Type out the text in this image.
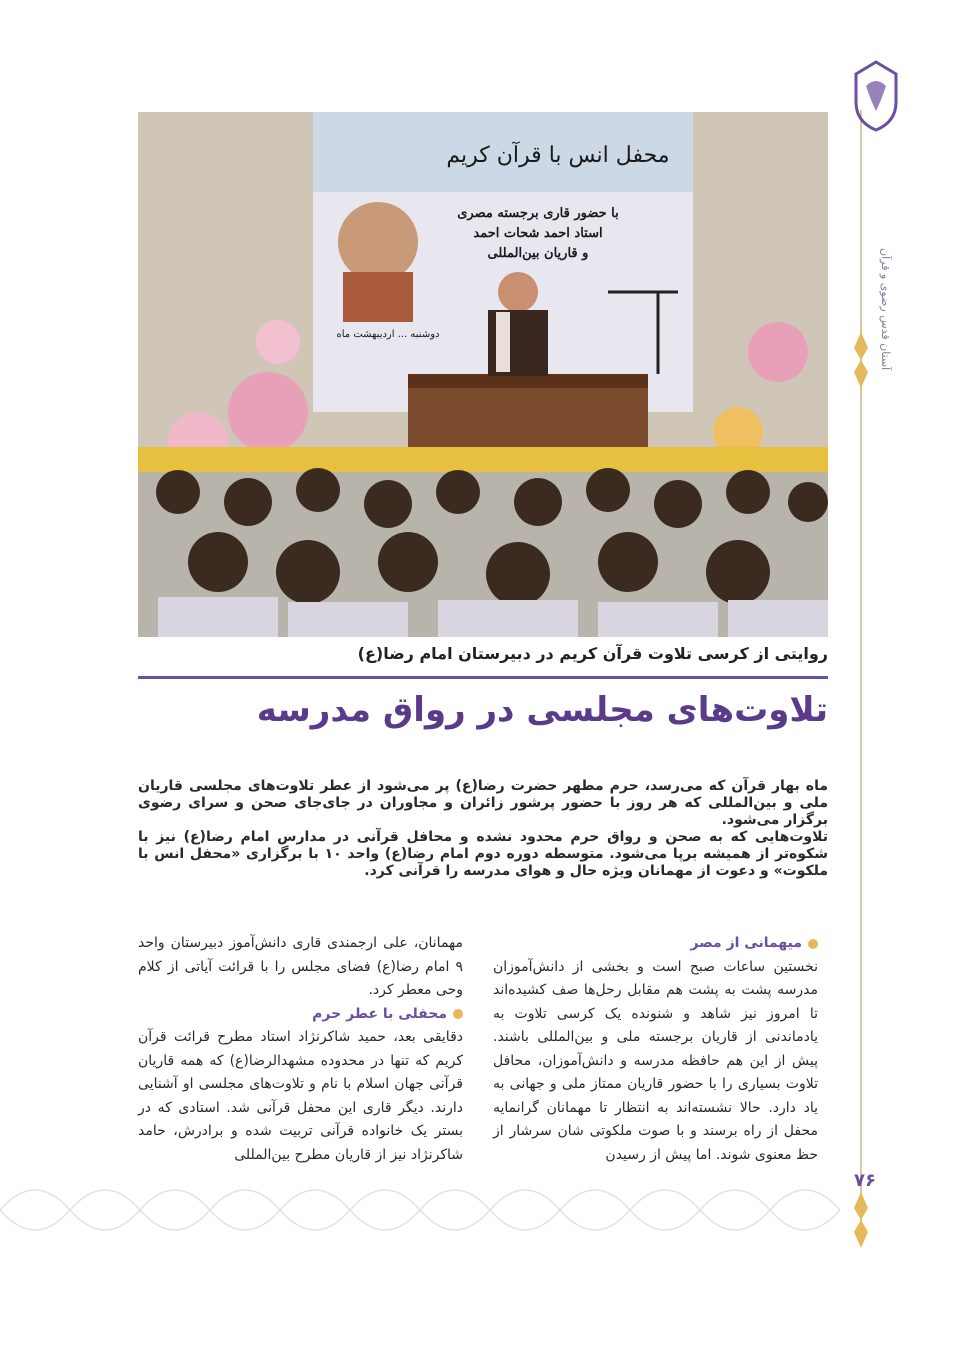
آستان قدس رضوی و قرآن
۷۶
محفل انس با قرآن کریم
با حضور قاری برجسته مصری
استاد احمد شحات احمد
و قاریان بین‌المللی
دوشنبه ... اردیبهشت ماه
روایتی از کرسی تلاوت قرآن کریم در دبیرستان امام رضا(ع)
تلاوت‌های مجلسی در رواق مدرسه

ماه بهار قرآن که می‌رسد، حرم مطهر حضرت رضا(ع) پر می‌شود از عطر تلاوت‌های مجلسی قاریان ملی و بین‌المللی که هر روز با حضور پرشور زائران و مجاوران در جای‌جای صحن و سرای رضوی برگزار می‌شود.

تلاوت‌هایی که به صحن و رواق حرم محدود نشده و محافل قرآنی در مدارس امام رضا(ع) نیز با شکوه‌تر از همیشه برپا می‌شود. متوسطه دوره دوم امام رضا(ع) واحد ۱۰ با برگزاری «محفل انس با ملکوت» و دعوت از مهمانان ویژه حال و هوای مدرسه را قرآنی کرد.

میهمانی از مصر

نخستین ساعات صبح است و بخشی از دانش‌آموزان مدرسه پشت به پشت هم مقابل رحل‌ها صف کشیده‌اند تا امروز نیز شاهد و شنونده یک کرسی تلاوت به یادماندنی از قاریان برجسته ملی و بین‌المللی باشند. پیش از این هم حافظه مدرسه و دانش‌آموزان، محافل تلاوت بسیاری را با حضور قاریان ممتاز ملی و جهانی به یاد دارد. حالا نشسته‌اند به انتظار تا مهمانان گرانمایه محفل از راه برسند و با صوت ملکوتی شان سرشار از حظ معنوی شوند. اما پیش از رسیدن

مهمانان، علی ارجمندی قاری دانش‌آموز دبیرستان واحد ۹ امام رضا(ع) فضای مجلس را با قرائت آیاتی از کلام وحی معطر کرد.

محفلی با عطر حرم

دقایقی بعد، حمید شاکرنژاد استاد مطرح قرائت قرآن کریم که تنها در محدوده مشهدالرضا(ع) که همه قاریان قرآنی جهان اسلام با نام و تلاوت‌های مجلسی او آشنایی دارند. دیگر قاری این محفل قرآنی شد. استادی که در بستر یک خانواده قرآنی تربیت شده و برادرش، حامد شاکرنژاد نیز از قاریان مطرح بین‌المللی
